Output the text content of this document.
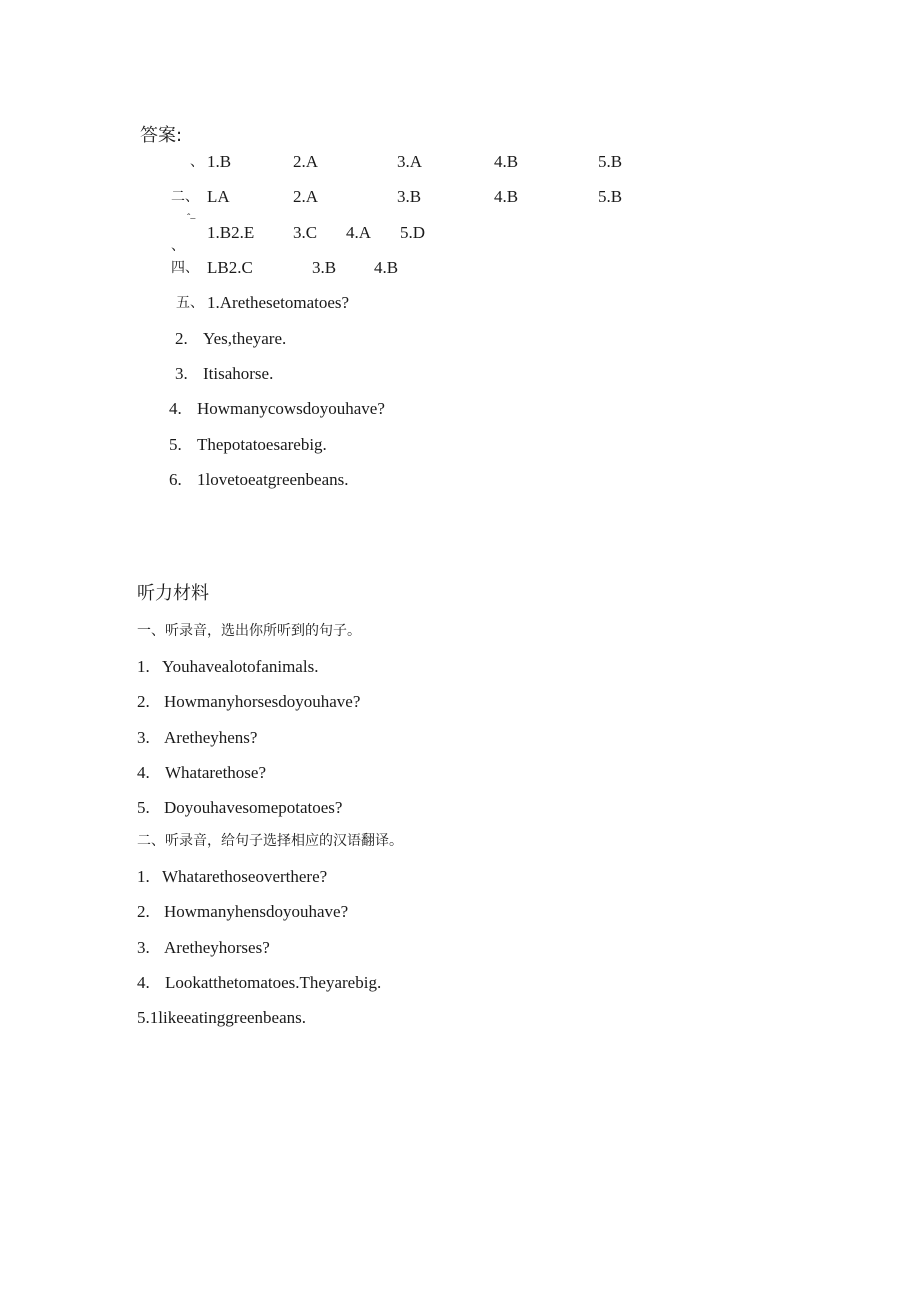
答案:
、 1.B	2.A	3.A	4.B	5.B
二、 LA	2.A	3.B	4.B	5.B
ˆ–
、
1.B2.E 3.C 4.A 5.D
四、 LB2.C	3.B 4.B
五、 1.Arethesetomatoes?
2. Yes,theyare.
3. Itisahorse.
4. Howmanycowsdoyouhave?
5. Thepotatoesarebig.
6. 1lovetoeatgreenbeans.
听力材料
一、听录音，选出你所听到的句子。
1. Youhavealotofanimals.
2. Howmanyhorsesdoyouhave?
3. Aretheyhens?
4. Whatarethose?
5. Doyouhavesomepotatoes?
二、听录音，给句子选择相应的汉语翻译。
1. Whatarethoseoverthere?
2. Howmanyhensdoyouhave?
3. Aretheyhorses?
4. Lookatthetomatoes.Theyarebig.
5.1likeeatinggreenbeans.
